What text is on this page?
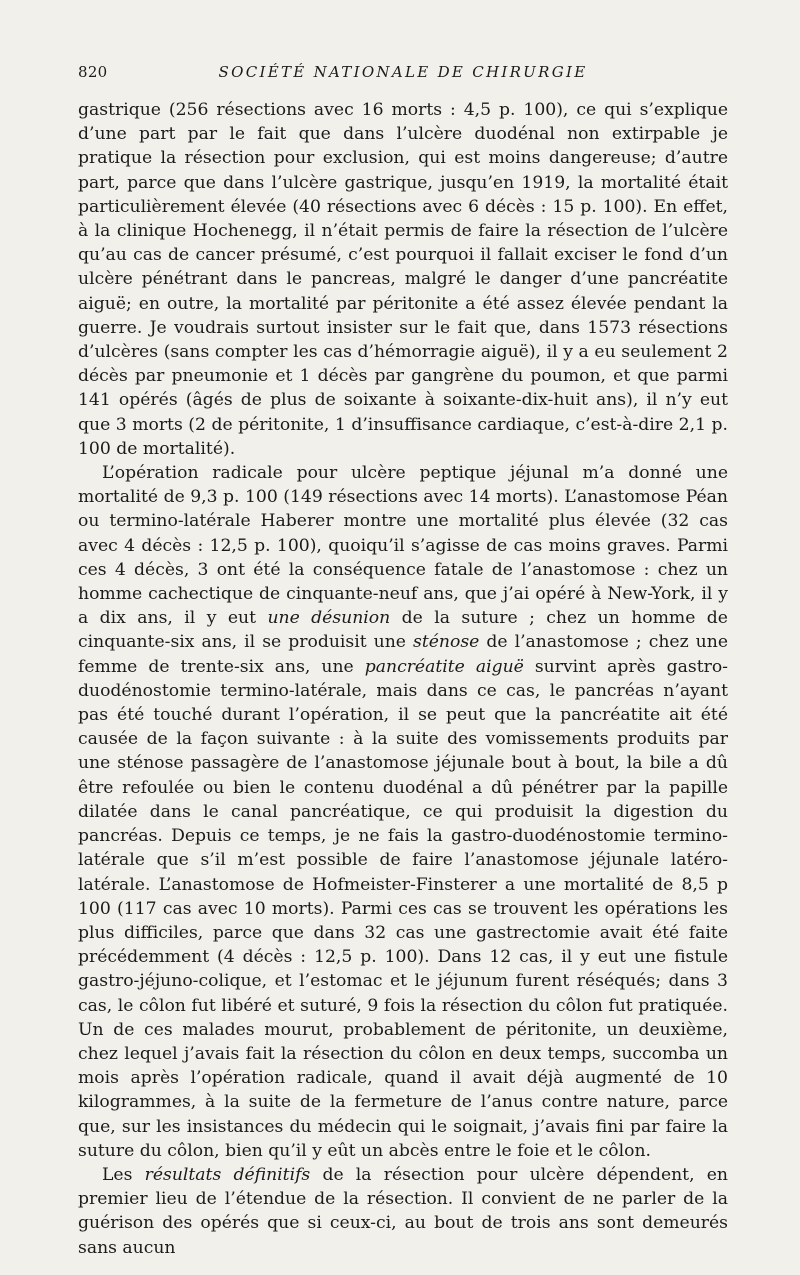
820	SOCIÉTÉ NATIONALE DE CHIRURGIE

gastrique (256 résections avec 16 morts : 4,5 p. 100), ce qui s’explique d’une part par le fait que dans l’ulcère duodénal non extirpable je pratique la résection pour exclusion, qui est moins dangereuse; d’autre part, parce que dans l’ulcère gastrique, jusqu’en 1919, la mortalité était particulièrement élevée (40 résections avec 6 décès : 15 p. 100). En effet, à la clinique Hochenegg, il n’était permis de faire la résection de l’ulcère qu’au cas de cancer présumé, c’est pourquoi il fallait exciser le fond d’un ulcère pénétrant dans le pancreas, malgré le danger d’une pancréatite aiguë; en outre, la mortalité par péritonite a été assez élevée pendant la guerre. Je voudrais surtout insister sur le fait que, dans 1573 résections d’ulcères (sans compter les cas d’hémorragie aiguë), il y a eu seulement 2 décès par pneumonie et 1 décès par gangrène du poumon, et que parmi 141 opérés (âgés de plus de soixante à soixante-dix-huit ans), il n’y eut que 3 morts (2 de péritonite, 1 d’insuffisance cardiaque, c’est-à-dire 2,1 p. 100 de mortalité).

L’opération radicale pour ulcère peptique jéjunal m’a donné une mortalité de 9,3 p. 100 (149 résections avec 14 morts). L’anastomose Péan ou termino-latérale Haberer montre une mortalité plus élevée (32 cas avec 4 décès : 12,5 p. 100), quoiqu’il s’agisse de cas moins graves. Parmi ces 4 décès, 3 ont été la conséquence fatale de l’anastomose : chez un homme cachectique de cinquante-neuf ans, que j’ai opéré à New-York, il y a dix ans, il y eut une désunion de la suture ; chez un homme de cinquante-six ans, il se produisit une sténose de l’anastomose ; chez une femme de trente-six ans, une pancréatite aiguë survint après gastro-duodénostomie termino-latérale, mais dans ce cas, le pancréas n’ayant pas été touché durant l’opération, il se peut que la pancréatite ait été causée de la façon suivante : à la suite des vomissements produits par une sténose passagère de l’anastomose jéjunale bout à bout, la bile a dû être refoulée ou bien le contenu duodénal a dû pénétrer par la papille dilatée dans le canal pancréatique, ce qui produisit la digestion du pancréas. Depuis ce temps, je ne fais la gastro-duodénostomie termino-latérale que s’il m’est possible de faire l’anastomose jéjunale latéro-latérale. L’anastomose de Hofmeister-Finsterer a une mortalité de 8,5 p 100 (117 cas avec 10 morts). Parmi ces cas se trouvent les opérations les plus difficiles, parce que dans 32 cas une gastrectomie avait été faite précédemment (4 décès : 12,5 p. 100). Dans 12 cas, il y eut une fistule gastro-jéjuno-colique, et l’estomac et le jéjunum furent réséqués; dans 3 cas, le côlon fut libéré et suturé, 9 fois la résection du côlon fut pratiquée. Un de ces malades mourut, probablement de péritonite, un deuxième, chez lequel j’avais fait la résection du côlon en deux temps, succomba un mois après l’opération radicale, quand il avait déjà augmenté de 10 kilogrammes, à la suite de la fermeture de l’anus contre nature, parce que, sur les insistances du médecin qui le soignait, j’avais fini par faire la suture du côlon, bien qu’il y eût un abcès entre le foie et le côlon.

Les résultats définitifs de la résection pour ulcère dépendent, en premier lieu de l’étendue de la résection. Il convient de ne parler de la guérison des opérés que si ceux-ci, au bout de trois ans sont demeurés sans aucun
